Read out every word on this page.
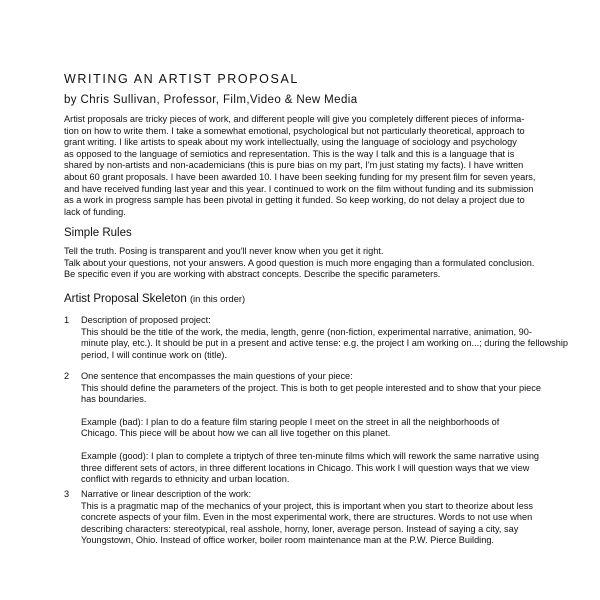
WRITING AN ARTIST PROPOSAL
by Chris Sullivan, Professor, Film,Video & New Media
Artist proposals are tricky pieces of work, and different people will give you completely different pieces of informa-
tion on how to write them. I take a somewhat emotional, psychological but not particularly theoretical, approach to
grant writing. I like artists to speak about my work intellectually, using the language of sociology and psychology
as opposed to the language of semiotics and representation. This is the way I talk and this is a language that is
shared by non-artists and non-academicians (this is pure bias on my part, I'm just stating my facts). I have written
about 60 grant proposals. I have been awarded 10. I have been seeking funding for my present film for seven years,
and have received funding last year and this year. I continued to work on the film without funding and its submission
as a work in progress sample has been pivotal in getting it funded. So keep working, do not delay a project due to
lack of funding.
Simple Rules
Tell the truth. Posing is transparent and you'll never know when you get it right.
Talk about your questions, not your answers. A good question is much more engaging than a formulated conclusion.
Be specific even if you are working with abstract concepts. Describe the specific parameters.
Artist Proposal Skeleton (in this order)
1 Description of proposed project:
This should be the title of the work, the media, length, genre (non-fiction, experimental narrative, animation, 90-
minute play, etc.). It should be put in a present and active tense: e.g. the project I am working on...; during the fellowship
period, I will continue work on (title).
2 One sentence that encompasses the main questions of your piece:
This should define the parameters of the project. This is both to get people interested and to show that your piece
has boundaries.
Example (bad): I plan to do a feature film staring people I meet on the street in all the neighborhoods of
Chicago. This piece will be about how we can all live together on this planet.
Example (good): I plan to complete a triptych of three ten-minute films which will rework the same narrative using
three different sets of actors, in three different locations in Chicago. This work I will question ways that we view
conflict with regards to ethnicity and urban location.
3 Narrative or linear description of the work:
This is a pragmatic map of the mechanics of your project, this is important when you start to theorize about less
concrete aspects of your film. Even in the most experimental work, there are structures. Words to not use when
describing characters: stereotypical, real asshole, horny, loner, average person. Instead of saying a city, say
Youngstown, Ohio. Instead of office worker, boiler room maintenance man at the P.W. Pierce Building.
